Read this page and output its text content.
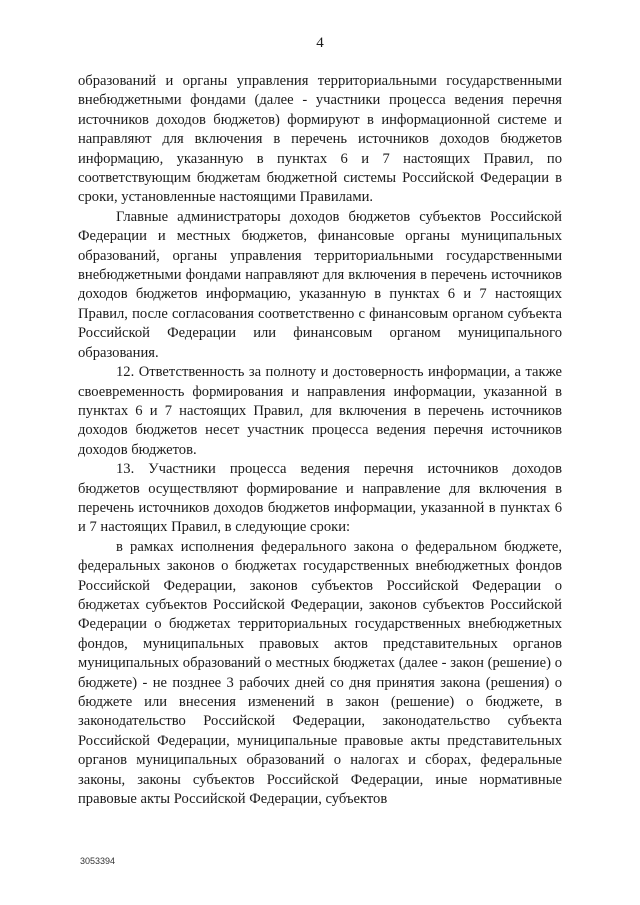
4

образований и органы управления территориальными государственными внебюджетными фондами (далее - участники процесса ведения перечня источников доходов бюджетов) формируют в информационной системе и направляют для включения в перечень источников доходов бюджетов информацию, указанную в пунктах 6 и 7 настоящих Правил, по соответствующим бюджетам бюджетной системы Российской Федерации в сроки, установленные настоящими Правилами.

Главные администраторы доходов бюджетов субъектов Российской Федерации и местных бюджетов, финансовые органы муниципальных образований, органы управления территориальными государственными внебюджетными фондами направляют для включения в перечень источников доходов бюджетов информацию, указанную в пунктах 6 и 7 настоящих Правил, после согласования соответственно с финансовым органом субъекта Российской Федерации или финансовым органом муниципального образования.

12. Ответственность за полноту и достоверность информации, а также своевременность формирования и направления информации, указанной в пунктах 6 и 7 настоящих Правил, для включения в перечень источников доходов бюджетов несет участник процесса ведения перечня источников доходов бюджетов.

13. Участники процесса ведения перечня источников доходов бюджетов осуществляют формирование и направление для включения в перечень источников доходов бюджетов информации, указанной в пунктах 6 и 7 настоящих Правил, в следующие сроки:

в рамках исполнения федерального закона о федеральном бюджете, федеральных законов о бюджетах государственных внебюджетных фондов Российской Федерации, законов субъектов Российской Федерации о бюджетах субъектов Российской Федерации, законов субъектов Российской Федерации о бюджетах территориальных государственных внебюджетных фондов, муниципальных правовых актов представительных органов муниципальных образований о местных бюджетах (далее - закон (решение) о бюджете) - не позднее 3 рабочих дней со дня принятия закона (решения) о бюджете или внесения изменений в закон (решение) о бюджете, в законодательство Российской Федерации, законодательство субъекта Российской Федерации, муниципальные правовые акты представительных органов муниципальных образований о налогах и сборах, федеральные законы, законы субъектов Российской Федерации, иные нормативные правовые акты Российской Федерации, субъектов

3053394
